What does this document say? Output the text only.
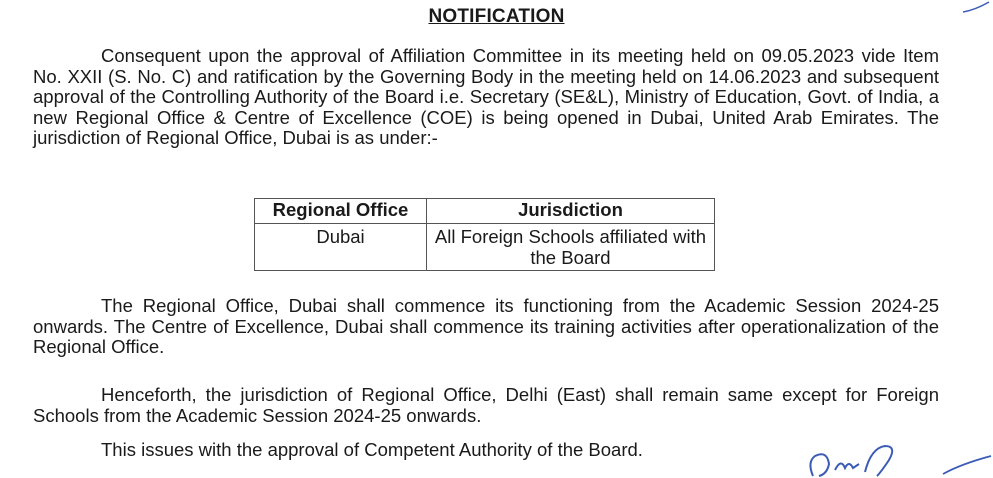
NOTIFICATION

Consequent upon the approval of Affiliation Committee in its meeting held on 09.05.2023 vide Item No. XXII (S. No. C) and ratification by the Governing Body in the meeting held on 14.06.2023 and subsequent approval of the Controlling Authority of the Board i.e. Secretary (SE&L), Ministry of Education, Govt. of India, a new Regional Office & Centre of Excellence (COE) is being opened in Dubai, United Arab Emirates. The jurisdiction of Regional Office, Dubai is as under:-

Regional Office	Jurisdiction
Dubai	All Foreign Schools affiliated with the Board

The Regional Office, Dubai shall commence its functioning from the Academic Session 2024-25 onwards. The Centre of Excellence, Dubai shall commence its training activities after operationalization of the Regional Office.

Henceforth, the jurisdiction of Regional Office, Delhi (East) shall remain same except for Foreign Schools from the Academic Session 2024-25 onwards.

This issues with the approval of Competent Authority of the Board.
